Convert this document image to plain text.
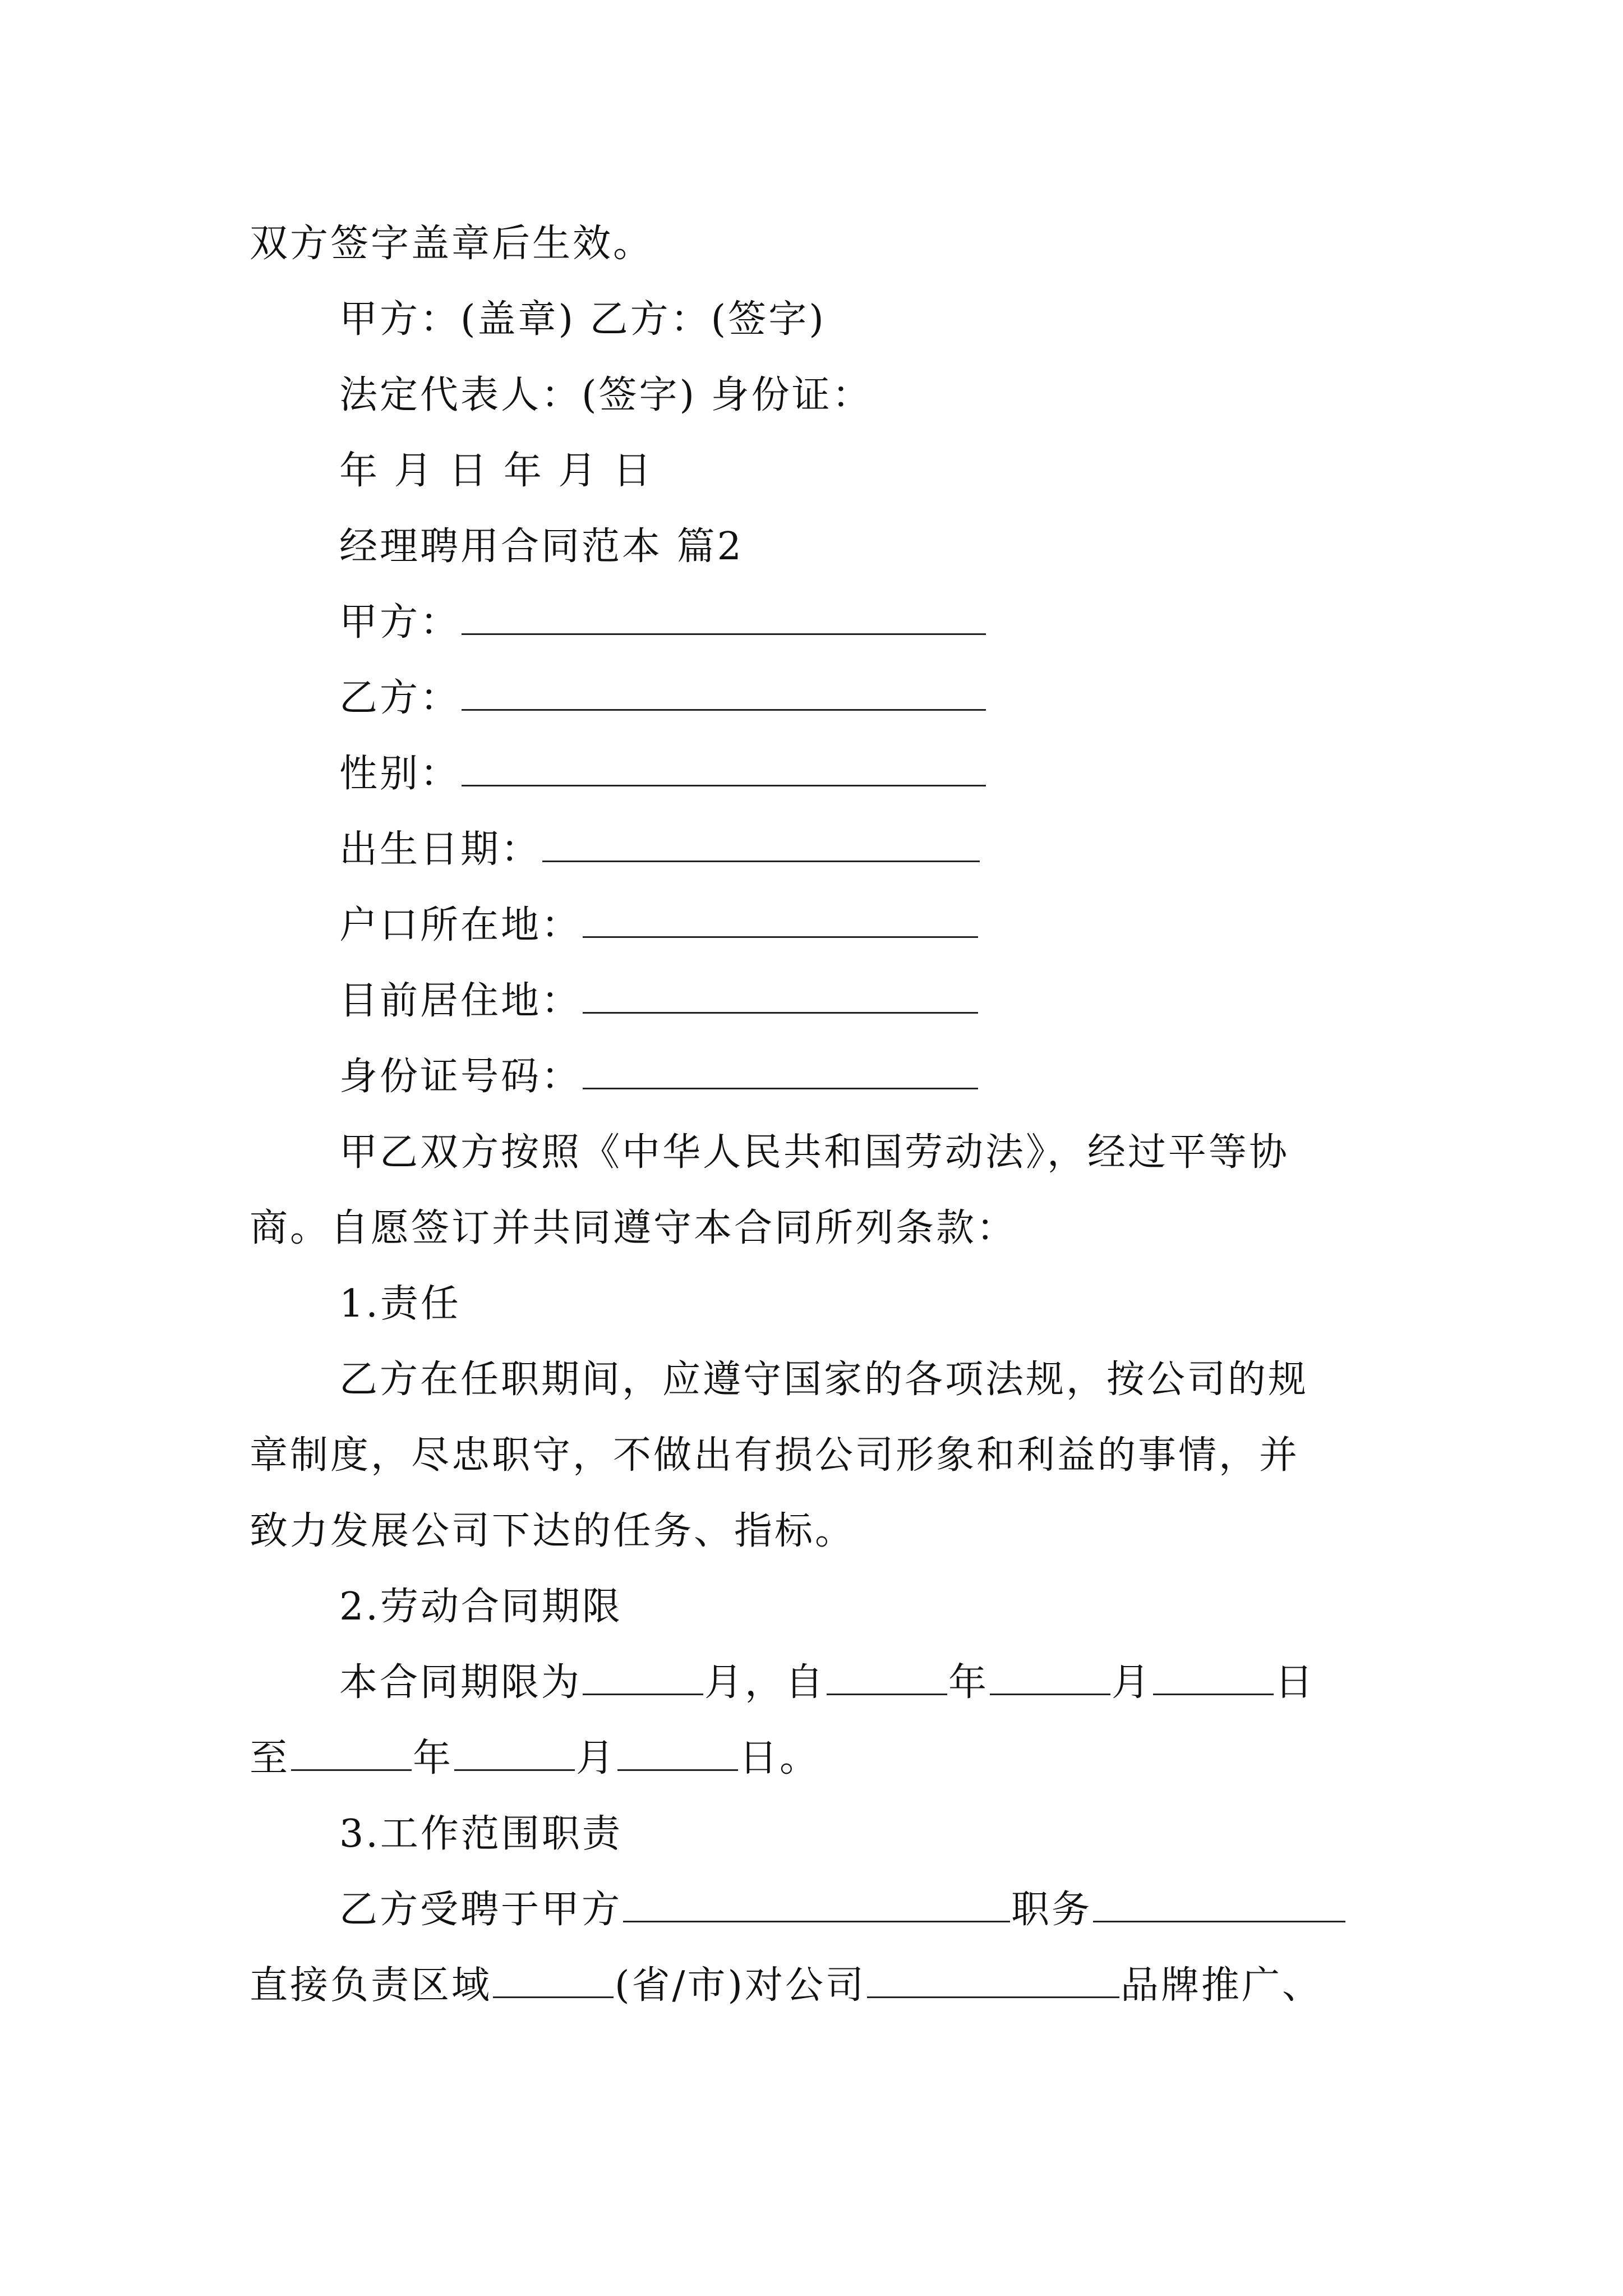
双方签字盖章后生效。
甲方：(盖章) 乙方：(签字)
法定代表人：(签字) 身份证：
年 月 日 年 月 日
经理聘用合同范本 篇2
甲方：
乙方：
性别：
出生日期：
户口所在地：
目前居住地：
身份证号码：
甲乙双方按照《中华人民共和国劳动法》，经过平等协
商。自愿签订并共同遵守本合同所列条款：
1.责任
乙方在任职期间，应遵守国家的各项法规，按公司的规
章制度，尽忠职守，不做出有损公司形象和利益的事情，并
致力发展公司下达的任务、指标。
2.劳动合同期限
本合同期限为	月，自	年	月	日
至	年	月	日。
3.工作范围职责
乙方受聘于甲方	职务
直接负责区域	(省/市)对公司	品牌推广、
